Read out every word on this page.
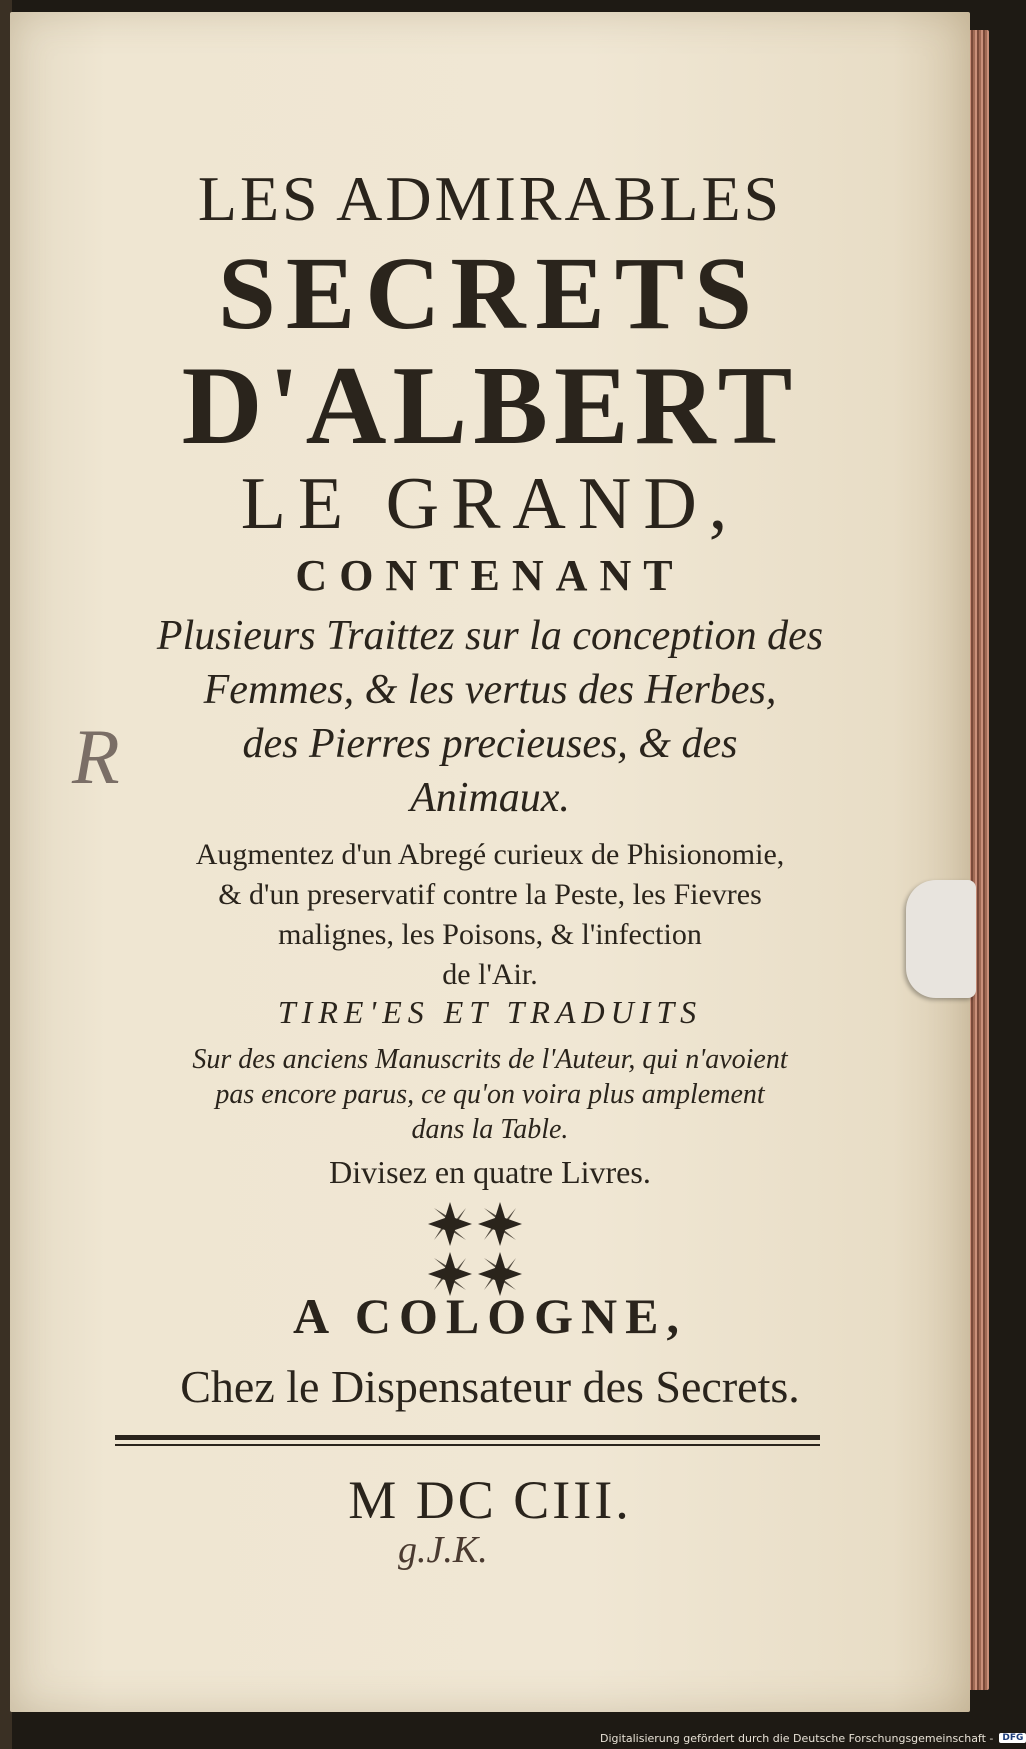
LES ADMIRABLES
SECRETS
D'ALBERT
LE GRAND,
CONTENANT
Plusieurs Traittez sur la conception des
Femmes, & les vertus des Herbes,
des Pierres precieuses, & des
Animaux.
R
Augmentez d'un Abregé curieux de Phisionomie,
& d'un preservatif contre la Peste, les Fievres
malignes, les Poisons, & l'infection
de l'Air.
TIRE'ES ET TRADUITS
Sur des anciens Manuscrits de l'Auteur, qui n'avoient
pas encore parus, ce qu'on voira plus amplement
dans la Table.
Divisez en quatre Livres.
A COLOGNE,
Chez le Dispensateur des Secrets.
M DC CIII.
g.J.K.
Digitalisierung gefördert durch die Deutsche Forschungsgemeinschaft -	DFG
